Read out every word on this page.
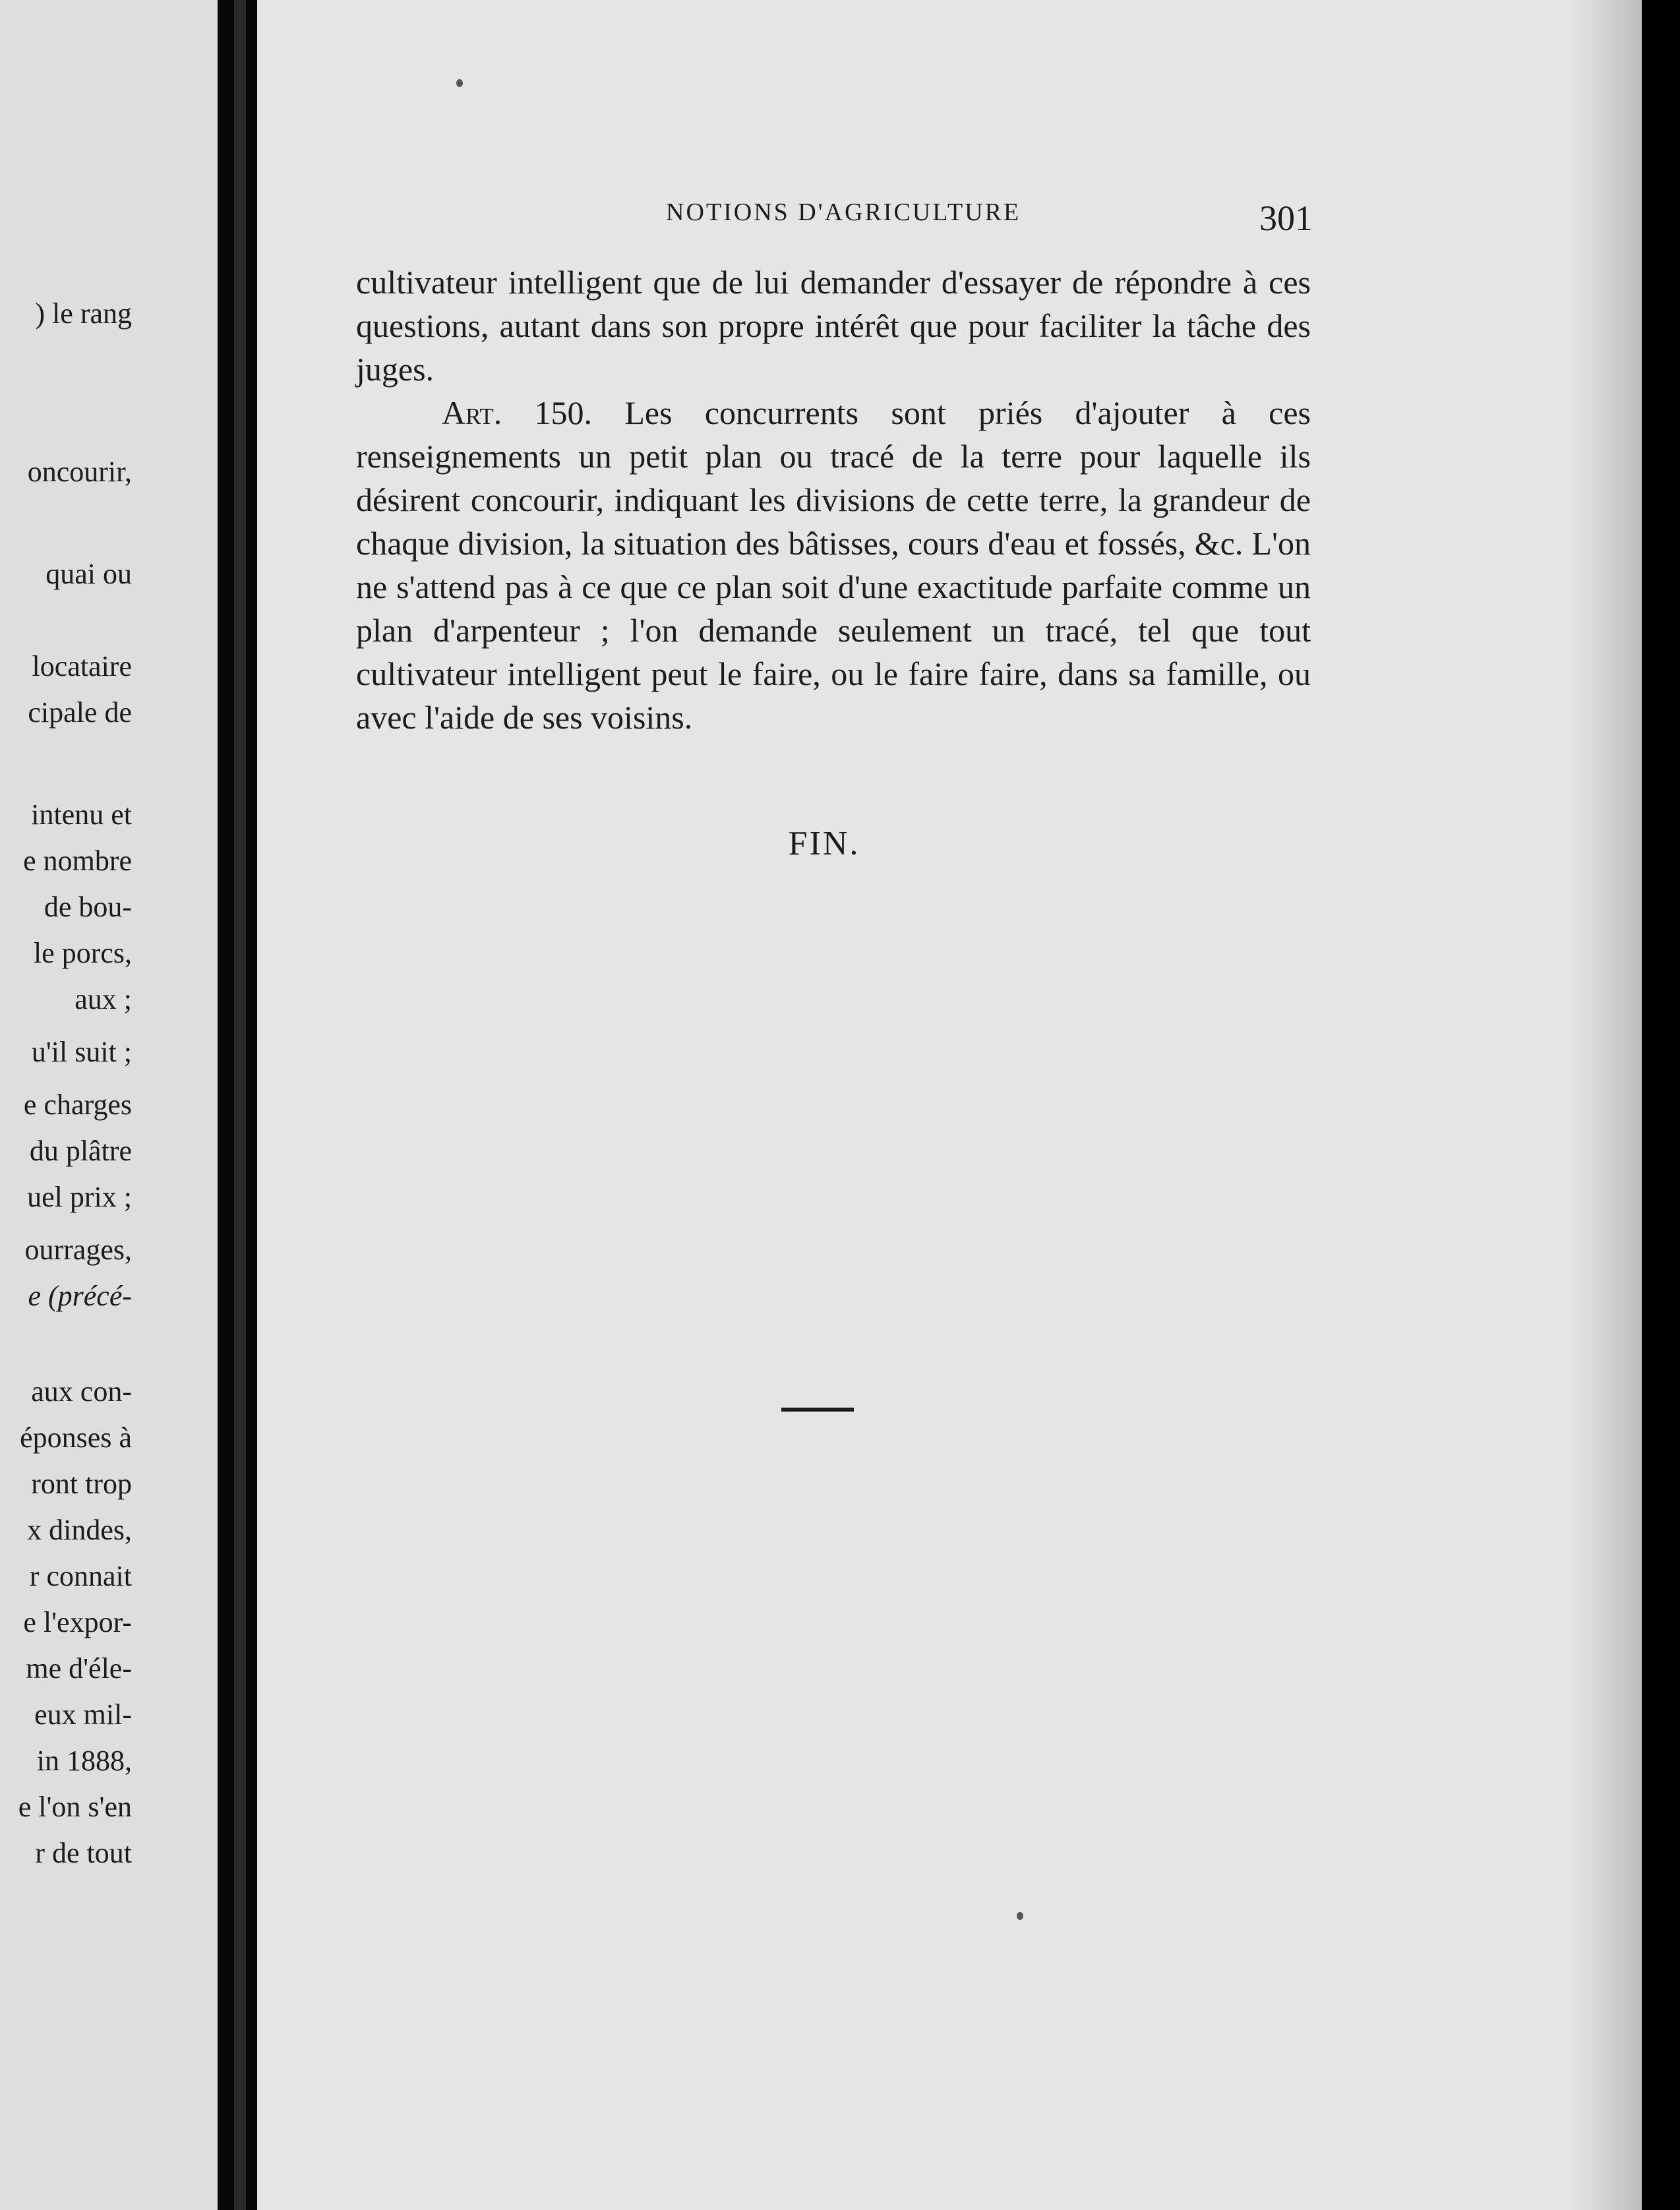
) le rang
oncourir,
quai ou
locataire
cipale de
intenu et
e nombre
de bou-
le porcs,
aux ;
u'il suit ;
e charges
du plâtre
uel prix ;
ourrages,
e (précé-
aux con-
éponses à
ront trop
x dindes,
r connait
e l'expor-
me d'éle-
eux mil-
in 1888,
e l'on s'en
r de tout
NOTIONS D'AGRICULTURE	301

cultivateur intelligent que de lui demander d'essayer de répondre à ces questions, autant dans son propre intérêt que pour faciliter la tâche des juges.

Art. 150. Les concurrents sont priés d'ajouter à ces renseignements un petit plan ou tracé de la terre pour laquelle ils désirent concourir, indiquant les divisions de cette terre, la grandeur de chaque division, la situation des bâtisses, cours d'eau et fossés, &c. L'on ne s'attend pas à ce que ce plan soit d'une exactitude parfaite comme un plan d'arpenteur ; l'on demande seulement un tracé, tel que tout cultivateur intelligent peut le faire, ou le faire faire, dans sa famille, ou avec l'aide de ses voisins.

FIN.
